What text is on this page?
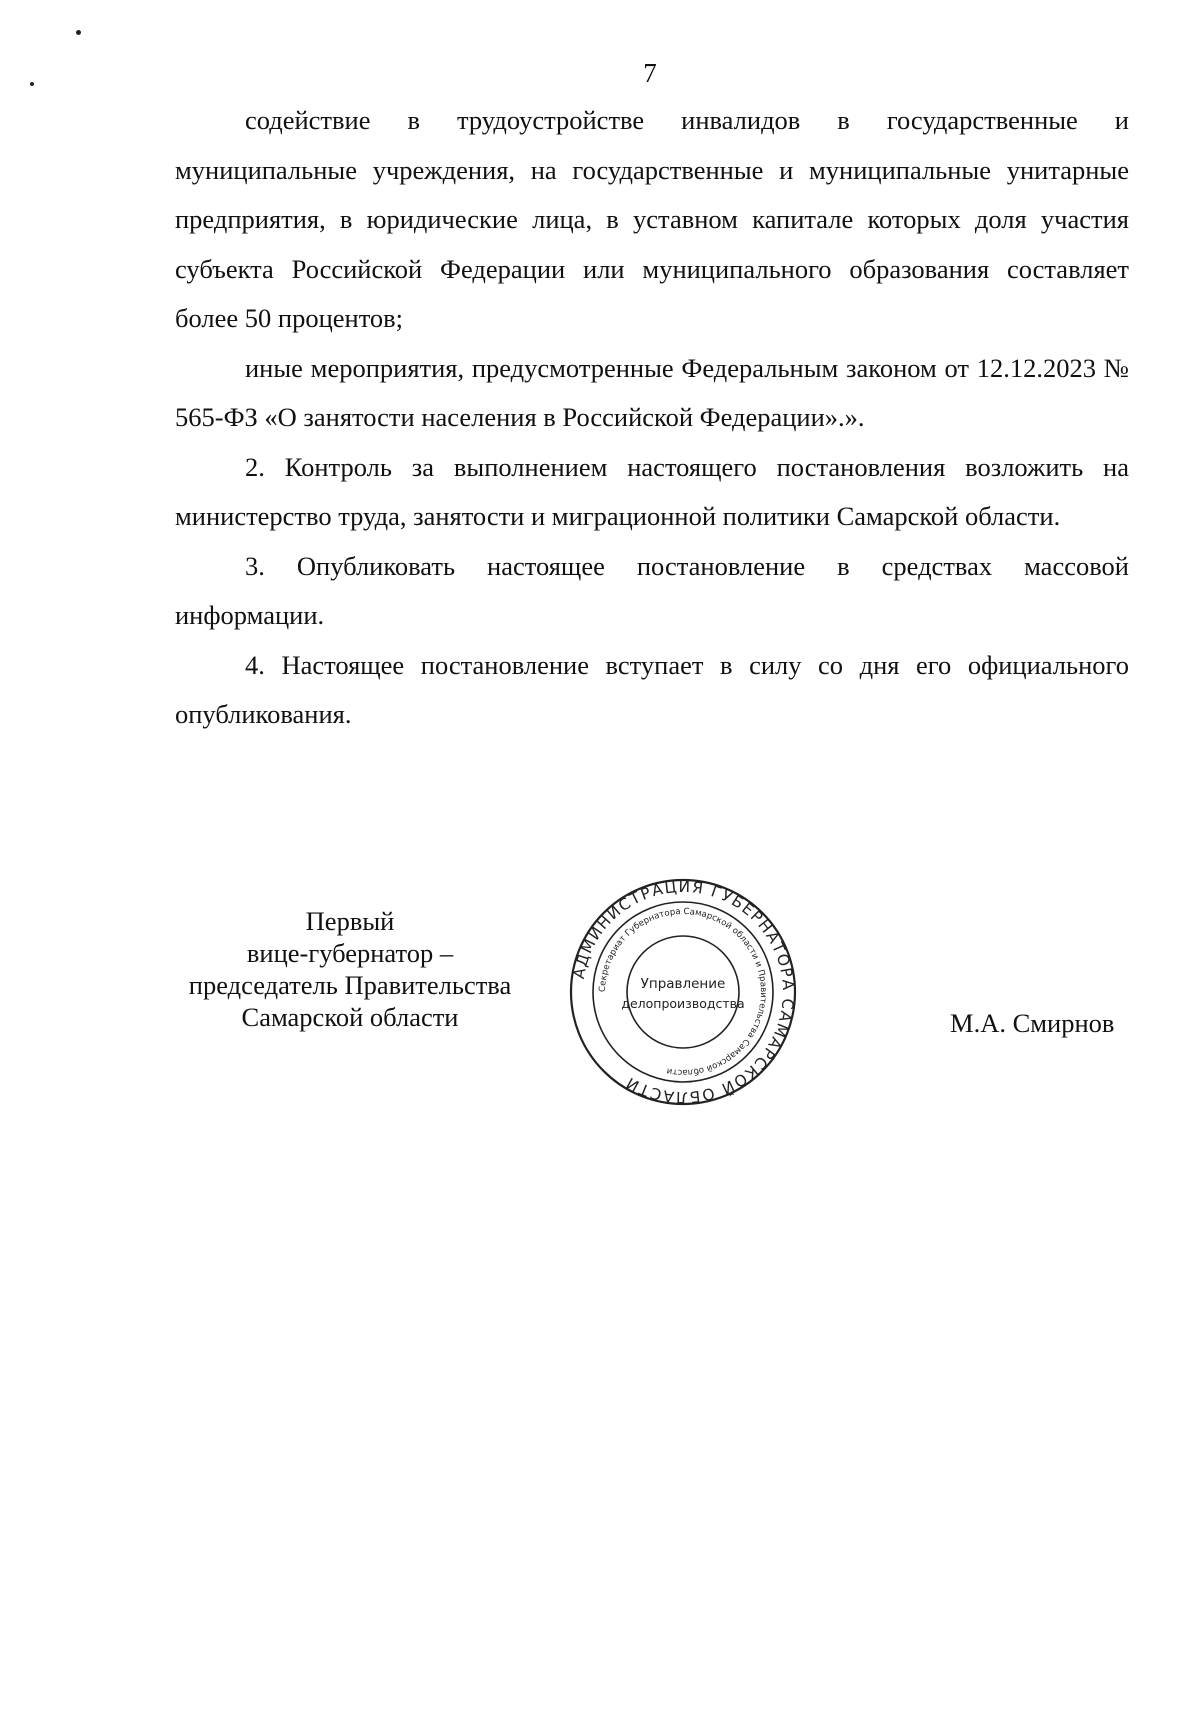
7

содействие в трудоустройстве инвалидов в государственные и муниципальные учреждения, на государственные и муниципальные унитарные предприятия, в юридические лица, в уставном капитале которых доля участия субъекта Российской Федерации или муниципального образования составляет более 50 процентов;

иные мероприятия, предусмотренные Федеральным законом от 12.12.2023 № 565-ФЗ «О занятости населения в Российской Федерации».».

2. Контроль за выполнением настоящего постановления возложить на министерство труда, занятости и миграционной политики Самарской области.

3. Опубликовать настоящее постановление в средствах массовой информации.

4. Настоящее постановление вступает в силу со дня его официального опубликования.

Первый
вице-губернатор –
председатель Правительства
Самарской области
АДМИНИСТРАЦИЯ ГУБЕРНАТОРА САМАРСКОЙ ОБЛАСТИ
Секретариат Губернатора Самарской области и Правительства Самарской области
Управление
делопроизводства
М.А. Смирнов
